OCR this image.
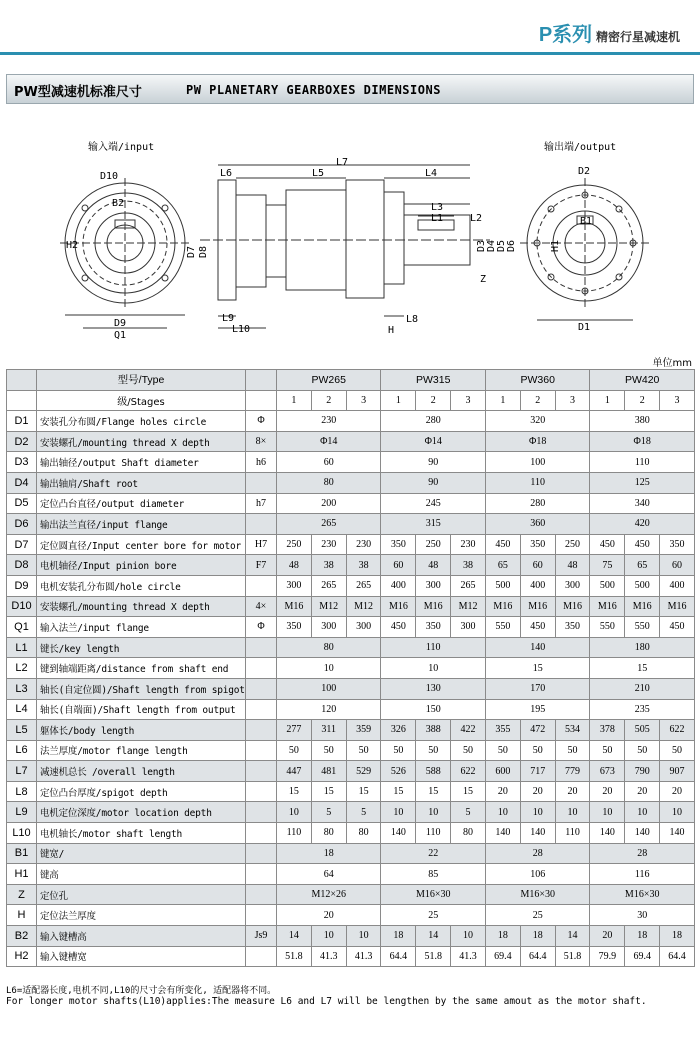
P系列 精密行星减速机
PW型减速机标准尺寸	PW PLANETARY GEARBOXES DIMENSIONS
输入端/input	输出端/output
D10
B2
H2
D9
Q1
L6
L7
L5	L4
L3
L1	L2
D7 D8	D3 D4 D5 D6
Z
L9
L10
L8
H
D2
B1
H1
D1
单位mm
	型号/Type		PW265			PW315			PW360			PW420		
	级/Stages		1	2	3	1	2	3	1	2	3	1	2	3
D1	安装孔分布圆/Flange holes circle	Φ	230			280			320			380		
D2	安装螺孔/mounting thread X depth	8×	Φ14			Φ14			Φ18			Φ18		
D3	输出轴径/output Shaft diameter	h6	60			90			100			110		
D4	输出轴肩/Shaft root		80			90			110			125		
D5	定位凸台直径/output diameter	h7	200			245			280			340		
D6	输出法兰直径/input flange		265			315			360			420		
D7	定位圆直径/Input center bore for motor	H7	250	230	230	350	250	230	450	350	250	450	450	350
D8	电机轴径/Input pinion bore	F7	48	38	38	60	48	38	65	60	48	75	65	60
D9	电机安装孔分布圆/hole circle		300	265	265	400	300	265	500	400	300	500	500	400
D10	安装螺孔/mounting thread X depth	4×	M16	M12	M12	M16	M16	M12	M16	M16	M16	M16	M16	M16
Q1	输入法兰/input flange	Φ	350	300	300	450	350	300	550	450	350	550	550	450
L1	键长/key length		80			110			140			180		
L2	键到轴端距离/distance from shaft end		10			10			15			15		
L3	轴长(自定位圆)/Shaft length from spigot		100			130			170			210		
L4	轴长(自端面)/Shaft length from output		120			150			195			235		
L5	躯体长/body length		277	311	359	326	388	422	355	472	534	378	505	622
L6	法兰厚度/motor flange length		50	50	50	50	50	50	50	50	50	50	50	50
L7	减速机总长 /overall length		447	481	529	526	588	622	600	717	779	673	790	907
L8	定位凸台厚度/spigot depth		15	15	15	15	15	15	20	20	20	20	20	20
L9	电机定位深度/motor location depth		10	5	5	10	10	5	10	10	10	10	10	10
L10	电机轴长/motor shaft length		110	80	80	140	110	80	140	140	110	140	140	140
B1	键宽/		18			22			28			28		
H1	键高		64			85			106			116		
Z	定位孔		M12×26			M16×30			M16×30			M16×30		
H	定位法兰厚度		20			25			25			30		
B2	输入键槽高	Js9	14	10	10	18	14	10	18	18	14	20	18	18
H2	输入键槽宽		51.8	41.3	41.3	64.4	51.8	41.3	69.4	64.4	51.8	79.9	69.4	64.4
L6=适配器长度,电机不同,L10的尺寸会有所变化, 适配器将不同。
For longer motor shafts(L10)applies:The measure L6 and L7 will be lengthen by the same amout as the motor shaft.
